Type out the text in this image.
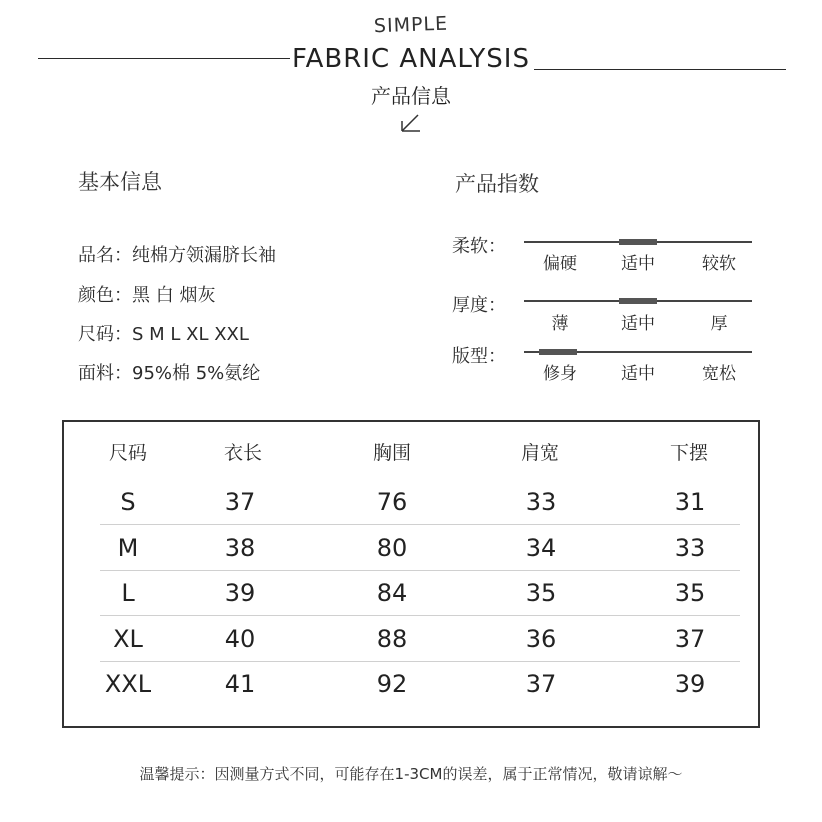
SIMPLE
FABRIC ANALYSIS
产品信息
基本信息	产品指数
品名：纯棉方领漏脐长袖
颜色：黑 白 烟灰
尺码：S M L XL XXL
面料：95%棉 5%氨纶
柔软：
偏硬	适中	较软
厚度：
薄	适中	厚
版型：
修身	适中	宽松
尺码	衣长	胸围	肩宽	下摆
S	37	76	33	31
M	38	80	34	33
L	39	84	35	35
XL	40	88	36	37
XXL	41	92	37	39
温馨提示：因测量方式不同，可能存在1-3CM的误差，属于正常情况，敬请谅解～
